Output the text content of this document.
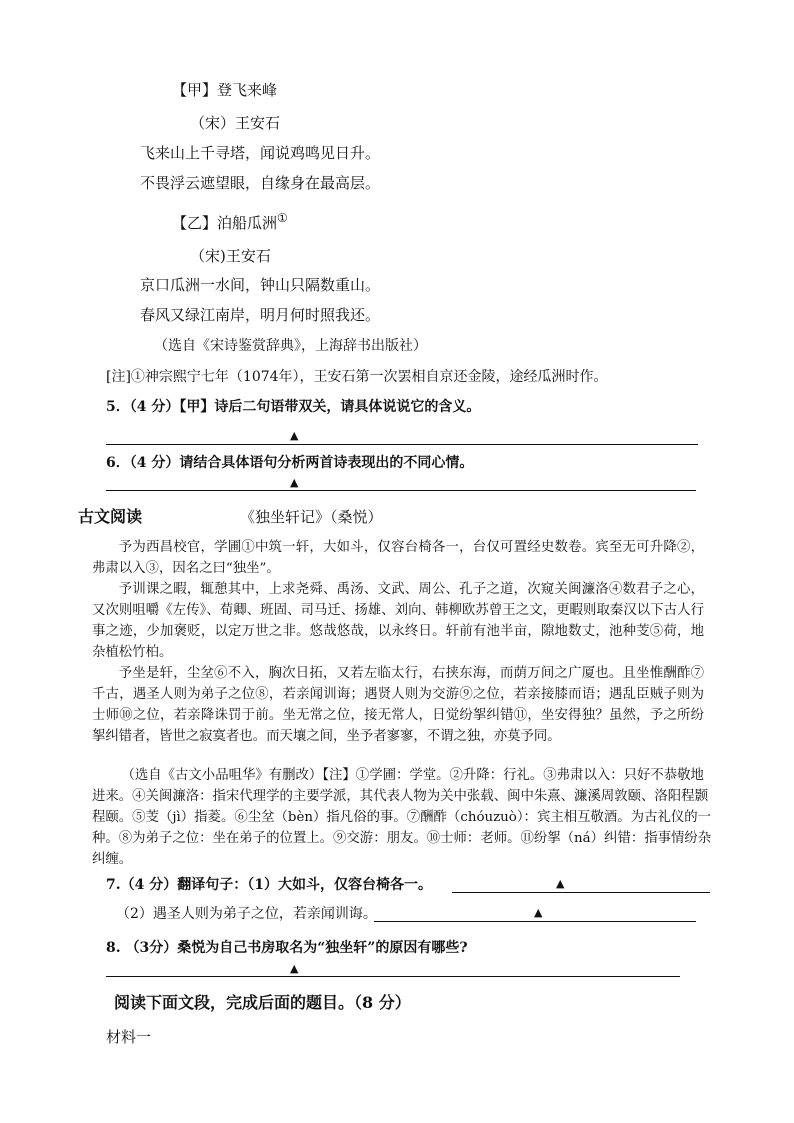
【甲】登飞来峰
（宋）王安石
飞来山上千寻塔，闻说鸡鸣见日升。
不畏浮云遮望眼，自缘身在最高层。
【乙】泊船瓜洲①
（宋)王安石
京口瓜洲一水间，钟山只隔数重山。
春风又绿江南岸，明月何时照我还。
（选自《宋诗鉴赏辞典》，上海辞书出版社）
[注]①神宗熙宁七年（1074年），王安石第一次罢相自京还金陵，途经瓜洲时作。
5．（4 分）【甲】诗后二句语带双关，请具体说说它的含义。
▲
6．（4 分）请结合具体语句分析两首诗表现出的不同心情。
▲
古文阅读	《独坐轩记》（桑悦）

予为西昌校官，学圃①中筑一轩，大如斗，仅容台椅各一，台仅可置经史数卷。宾至无可升降②，弗肃以入③，因名之曰“独坐”。

予训课之暇，辄憩其中，上求尧舜、禹汤、文武、周公、孔子之道，次窥关闽濂洛④数君子之心，又次则咀嚼《左传》、荀卿、班固、司马迁、扬雄、刘向、韩柳欧苏曾王之文，更暇则取秦汉以下古人行事之迹，少加褒贬，以定万世之非。悠哉悠哉，以永终日。轩前有池半亩，隙地数丈，池种芰⑤荷，地杂植松竹柏。

予坐是轩，尘坌⑥不入，胸次日拓，又若左临太行，右挟东海，而荫万间之广厦也。且坐惟酬酢⑦千古，遇圣人则为弟子之位⑧，若亲闻训诲；遇贤人则为交游⑨之位，若亲接膝而语；遇乱臣贼子则为士师⑩之位，若亲降诛罚于前。坐无常之位，接无常人，日觉纷挐纠错⑪，坐安得独？虽然，予之所纷挐纠错者，皆世之寂寞者也。而天壤之间，坐予者寥寥，不谓之独，亦莫予同。

（选自《古文小品咀华》有删改）【注】①学圃：学堂。②升降：行礼。③弗肃以入：只好不恭敬地进来。④关闽濂洛：指宋代理学的主要学派，其代表人物为关中张载、闽中朱熹、濂溪周敦颐、洛阳程颢程颐。⑤芰（jì）指菱。⑥尘坌（bèn）指凡俗的事。⑦酬酢（chóuzuò）：宾主相互敬酒。为古礼仪的一种。⑧为弟子之位：坐在弟子的位置上。⑨交游：朋友。⑩士师：老师。⑪纷挐（ná）纠错：指事情纷杂纠缠。

7.（4 分）翻译句子：（1）大如斗，仅容台椅各一。	▲
（2）遇圣人则为弟子之位，若亲闻训诲。	▲
8. （3分）桑悦为自己书房取名为“独坐轩”的原因有哪些?
▲
阅读下面文段，完成后面的题目。（8 分）
材料一
